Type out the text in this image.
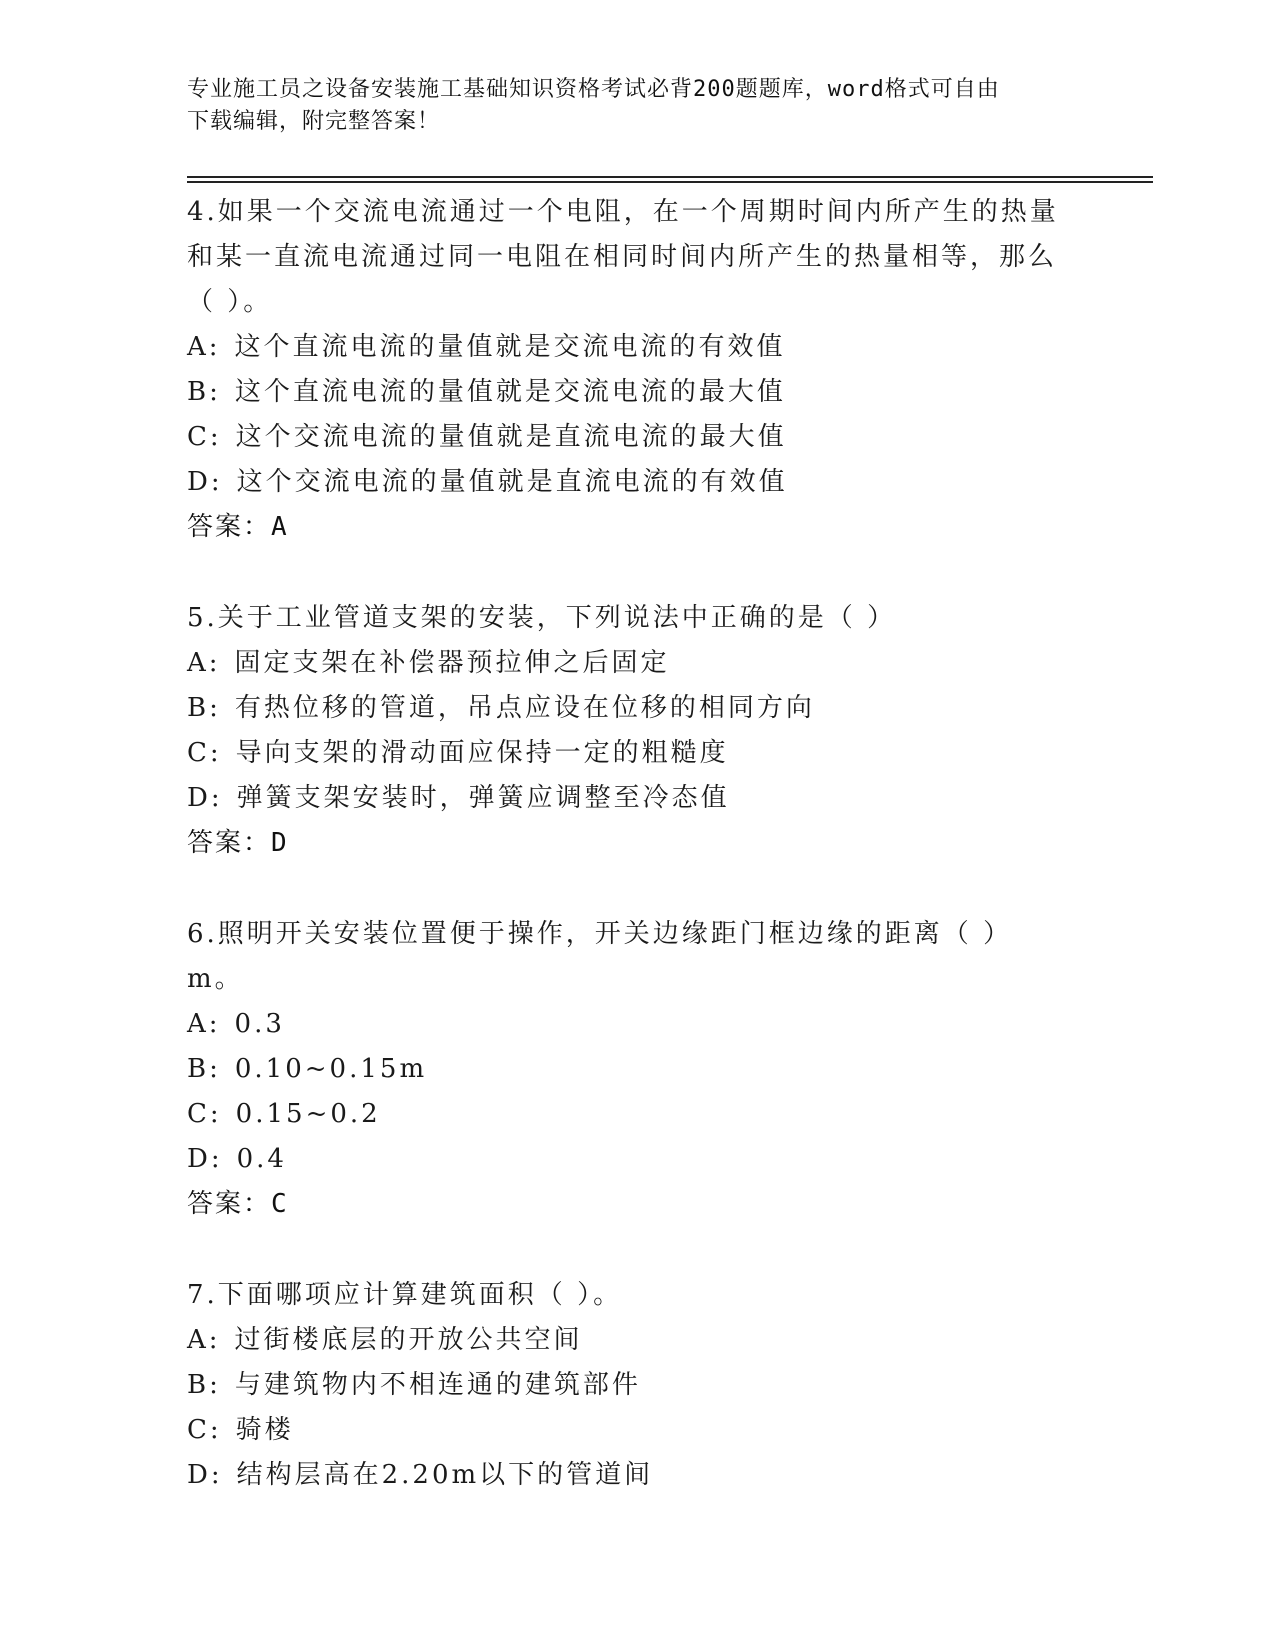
专业施工员之设备安装施工基础知识资格考试必背200题题库，word格式可自由
下载编辑，附完整答案！
4.如果一个交流电流通过一个电阻，在一个周期时间内所产生的热量和某一直流电流通过同一电阻在相同时间内所产生的热量相等，那么（ ）。
A: 这个直流电流的量值就是交流电流的有效值
B: 这个直流电流的量值就是交流电流的最大值
C: 这个交流电流的量值就是直流电流的最大值
D: 这个交流电流的量值就是直流电流的有效值
答案：A
5.关于工业管道支架的安装，下列说法中正确的是（ ）
A: 固定支架在补偿器预拉伸之后固定
B: 有热位移的管道，吊点应设在位移的相同方向
C: 导向支架的滑动面应保持一定的粗糙度
D: 弹簧支架安装时，弹簧应调整至冷态值
答案：D
6.照明开关安装位置便于操作，开关边缘距门框边缘的距离（ ）m。
A: 0.3
B: 0.10~0.15m
C: 0.15~0.2
D: 0.4
答案：C
7.下面哪项应计算建筑面积（ ）。
A: 过街楼底层的开放公共空间
B: 与建筑物内不相连通的建筑部件
C: 骑楼
D: 结构层高在2.20m以下的管道间
